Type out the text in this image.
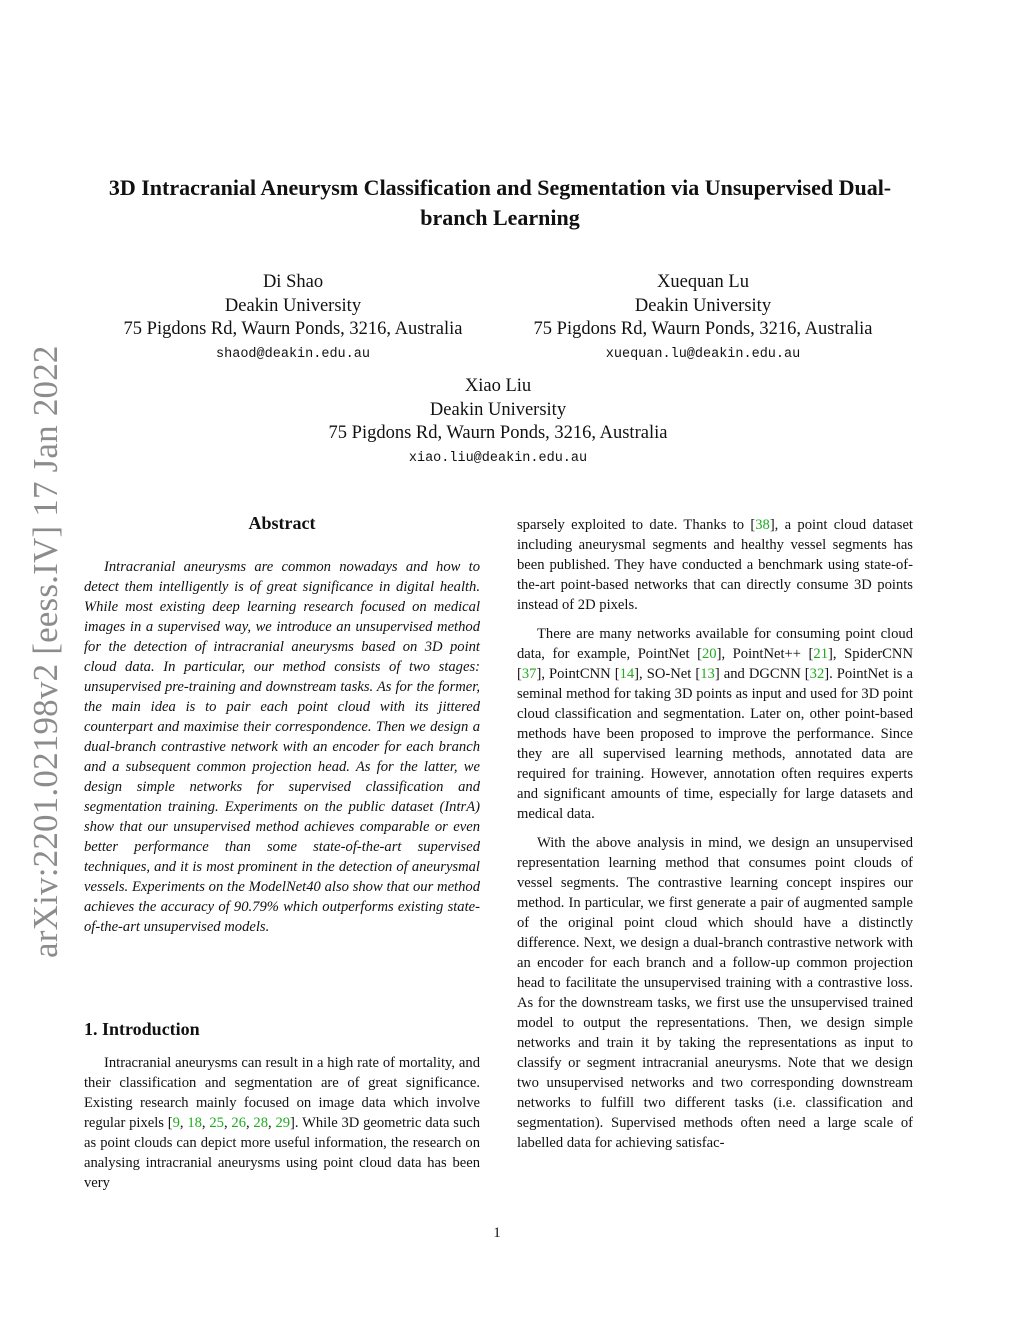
arXiv:2201.02198v2 [eess.IV] 17 Jan 2022
3D Intracranial Aneurysm Classification and Segmentation via Unsupervised Dual-branch Learning
Di Shao
Deakin University
75 Pigdons Rd, Waurn Ponds, 3216, Australia
shaod@deakin.edu.au
Xuequan Lu
Deakin University
75 Pigdons Rd, Waurn Ponds, 3216, Australia
xuequan.lu@deakin.edu.au
Xiao Liu
Deakin University
75 Pigdons Rd, Waurn Ponds, 3216, Australia
xiao.liu@deakin.edu.au
Abstract

Intracranial aneurysms are common nowadays and how to detect them intelligently is of great significance in digital health. While most existing deep learning research focused on medical images in a supervised way, we introduce an unsupervised method for the detection of intracranial aneurysms based on 3D point cloud data. In particular, our method consists of two stages: unsupervised pre-training and downstream tasks. As for the former, the main idea is to pair each point cloud with its jittered counterpart and maximise their correspondence. Then we design a dual-branch contrastive network with an encoder for each branch and a subsequent common projection head. As for the latter, we design simple networks for supervised classification and segmentation training. Experiments on the public dataset (IntrA) show that our unsupervised method achieves comparable or even better performance than some state-of-the-art supervised techniques, and it is most prominent in the detection of aneurysmal vessels. Experiments on the ModelNet40 also show that our method achieves the accuracy of 90.79% which outperforms existing state-of-the-art unsupervised models.

1. Introduction

Intracranial aneurysms can result in a high rate of mortality, and their classification and segmentation are of great significance. Existing research mainly focused on image data which involve regular pixels [9, 18, 25, 26, 28, 29]. While 3D geometric data such as point clouds can depict more useful information, the research on analysing intracranial aneurysms using point cloud data has been very

sparsely exploited to date. Thanks to [38], a point cloud dataset including aneurysmal segments and healthy vessel segments has been published. They have conducted a benchmark using state-of-the-art point-based networks that can directly consume 3D points instead of 2D pixels.

There are many networks available for consuming point cloud data, for example, PointNet [20], PointNet++ [21], SpiderCNN [37], PointCNN [14], SO-Net [13] and DGCNN [32]. PointNet is a seminal method for taking 3D points as input and used for 3D point cloud classification and segmentation. Later on, other point-based methods have been proposed to improve the performance. Since they are all supervised learning methods, annotated data are required for training. However, annotation often requires experts and significant amounts of time, especially for large datasets and medical data.

With the above analysis in mind, we design an unsupervised representation learning method that consumes point clouds of vessel segments. The contrastive learning concept inspires our method. In particular, we first generate a pair of augmented sample of the original point cloud which should have a distinctly difference. Next, we design a dual-branch contrastive network with an encoder for each branch and a follow-up common projection head to facilitate the unsupervised training with a contrastive loss. As for the downstream tasks, we first use the unsupervised trained model to output the representations. Then, we design simple networks and train it by taking the representations as input to classify or segment intracranial aneurysms. Note that we design two unsupervised networks and two corresponding downstream networks to fulfill two different tasks (i.e. classification and segmentation). Supervised methods often need a large scale of labelled data for achieving satisfac-

1
